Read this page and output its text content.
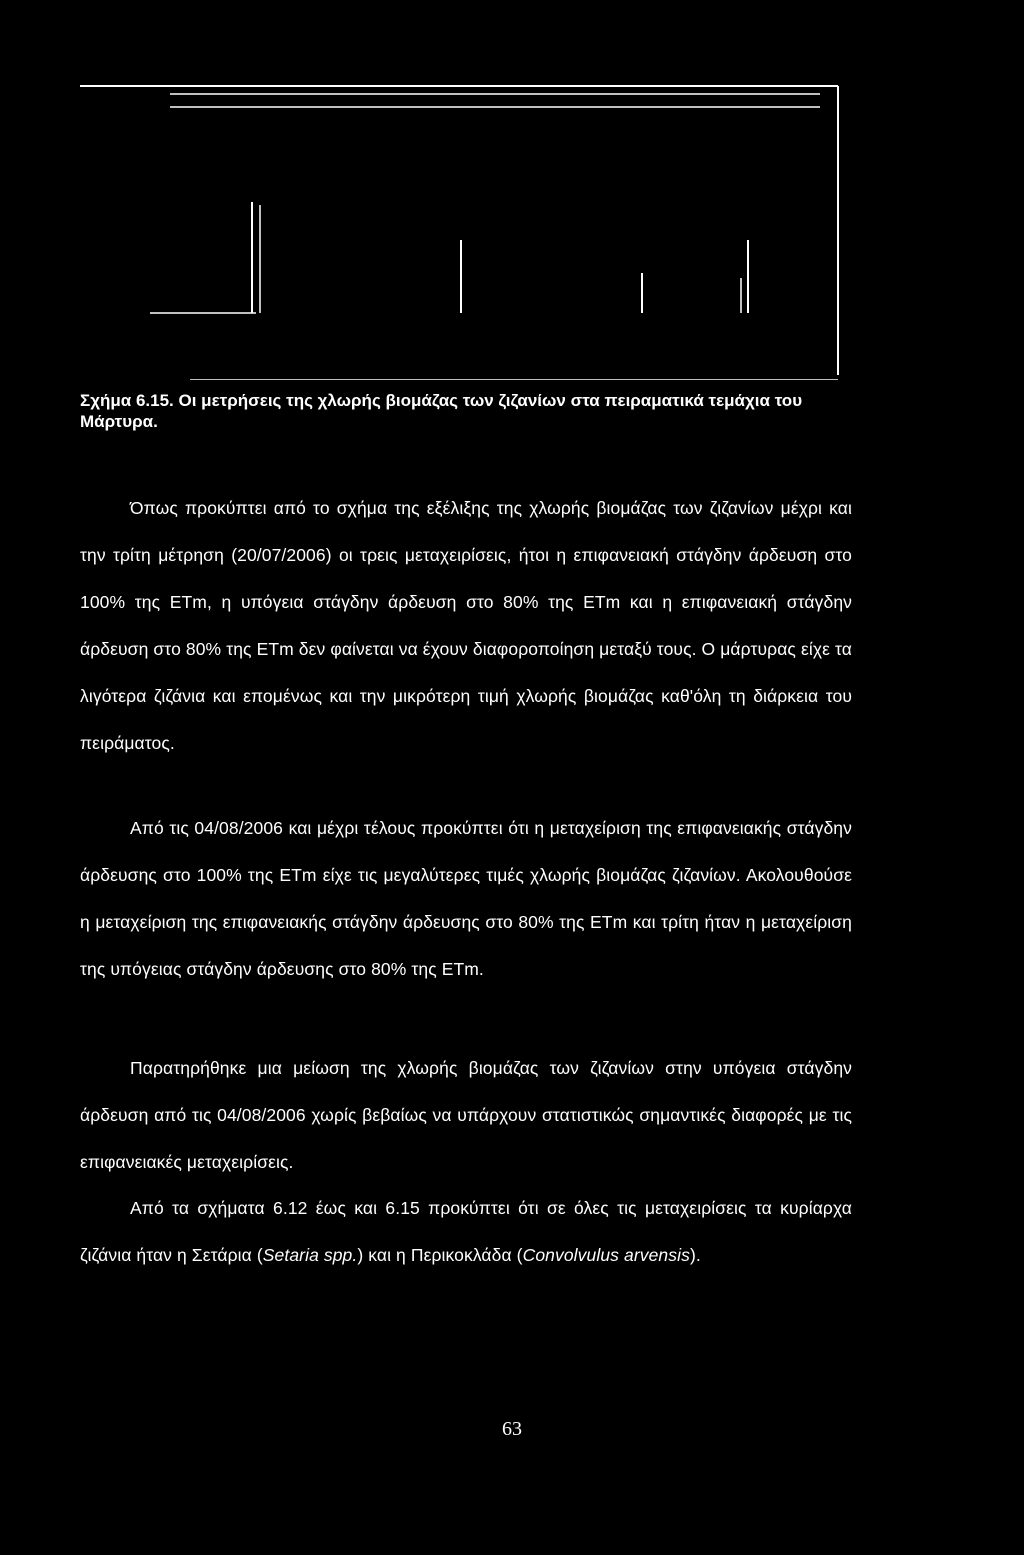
Σχήμα 6.15. Οι μετρήσεις της χλωρής βιομάζας των ζιζανίων στα πειραματικά τεμάχια του Μάρτυρα.

Όπως προκύπτει από το σχήμα της εξέλιξης της χλωρής βιομάζας των ζιζανίων μέχρι και την τρίτη μέτρηση (20/07/2006) οι τρεις μεταχειρίσεις, ήτοι η επιφανειακή στάγδην άρδευση στο 100% της ETm, η υπόγεια στάγδην άρδευση στο 80% της ETm και η επιφανειακή στάγδην άρδευση στο 80% της ETm δεν φαίνεται να έχουν διαφοροποίηση μεταξύ τους. Ο μάρτυρας είχε τα λιγότερα ζιζάνια και επομένως και την μικρότερη τιμή χλωρής βιομάζας καθ'όλη τη διάρκεια του πειράματος.

Από τις 04/08/2006 και μέχρι τέλους προκύπτει ότι η μεταχείριση της επιφανειακής στάγδην άρδευσης στο 100% της ETm είχε τις μεγαλύτερες τιμές χλωρής βιομάζας ζιζανίων. Ακολουθούσε η μεταχείριση της επιφανειακής στάγδην άρδευσης στο 80% της ETm και τρίτη ήταν η μεταχείριση της υπόγειας στάγδην άρδευσης στο 80% της ETm.

Παρατηρήθηκε μια μείωση της χλωρής βιομάζας των ζιζανίων στην υπόγεια στάγδην άρδευση από τις 04/08/2006 χωρίς βεβαίως να υπάρχουν στατιστικώς σημαντικές διαφορές με τις επιφανειακές μεταχειρίσεις.

Από τα σχήματα 6.12 έως και 6.15 προκύπτει ότι σε όλες τις μεταχειρίσεις τα κυρίαρχα ζιζάνια ήταν η Σετάρια (Setaria spp.) και η Περικοκλάδα (Convolvulus arvensis).

63
